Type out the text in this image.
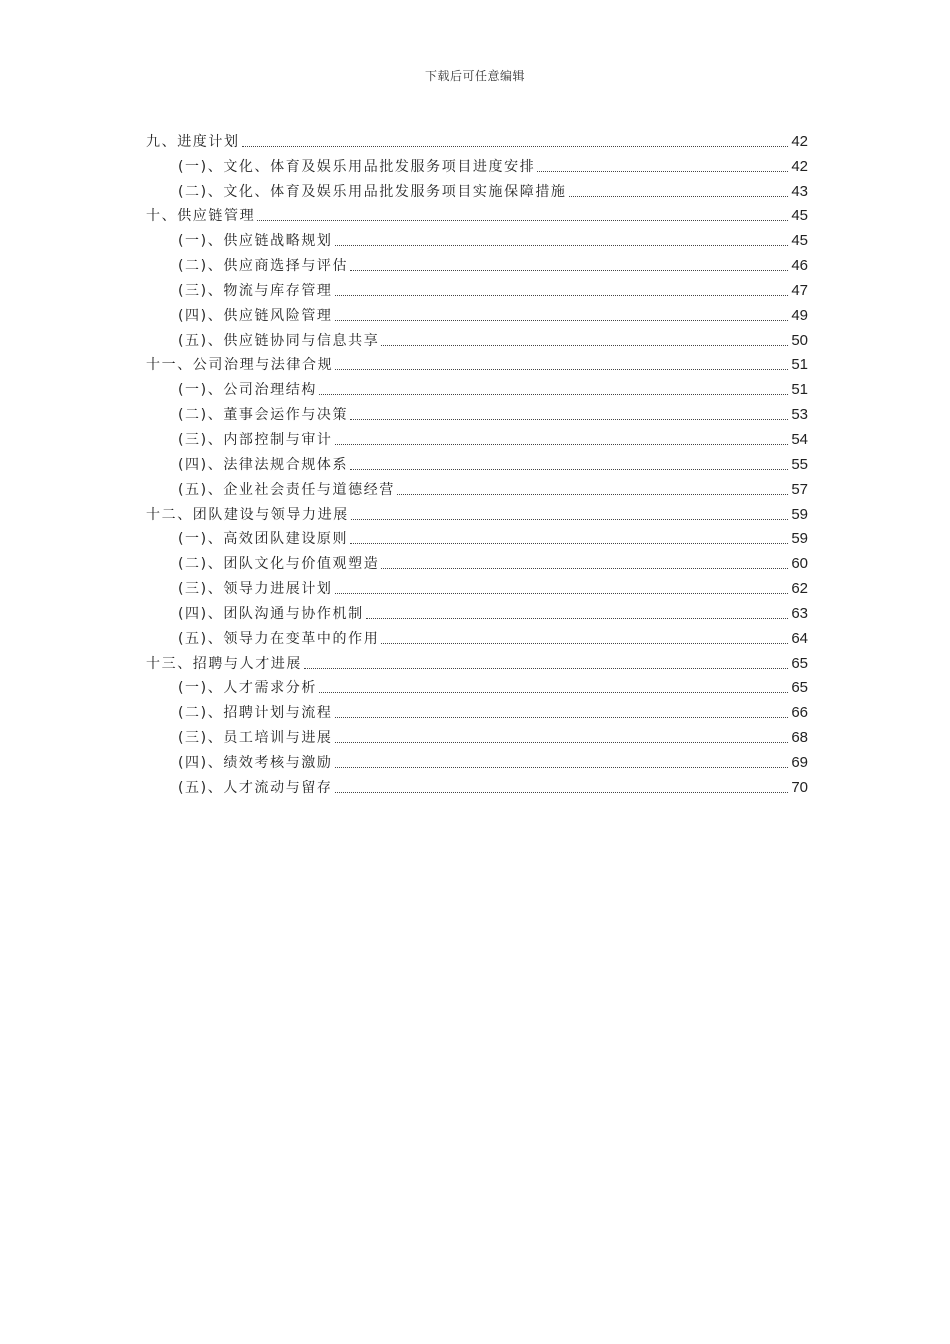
下载后可任意编辑
九、进度计划	42
(一)、文化、体育及娱乐用品批发服务项目进度安排	42
(二)、文化、体育及娱乐用品批发服务项目实施保障措施	43
十、供应链管理	45
(一)、供应链战略规划	45
(二)、供应商选择与评估	46
(三)、物流与库存管理	47
(四)、供应链风险管理	49
(五)、供应链协同与信息共享	50
十一、公司治理与法律合规	51
(一)、公司治理结构	51
(二)、董事会运作与决策	53
(三)、内部控制与审计	54
(四)、法律法规合规体系	55
(五)、企业社会责任与道德经营	57
十二、团队建设与领导力进展	59
(一)、高效团队建设原则	59
(二)、团队文化与价值观塑造	60
(三)、领导力进展计划	62
(四)、团队沟通与协作机制	63
(五)、领导力在变革中的作用	64
十三、招聘与人才进展	65
(一)、人才需求分析	65
(二)、招聘计划与流程	66
(三)、员工培训与进展	68
(四)、绩效考核与激励	69
(五)、人才流动与留存	70
